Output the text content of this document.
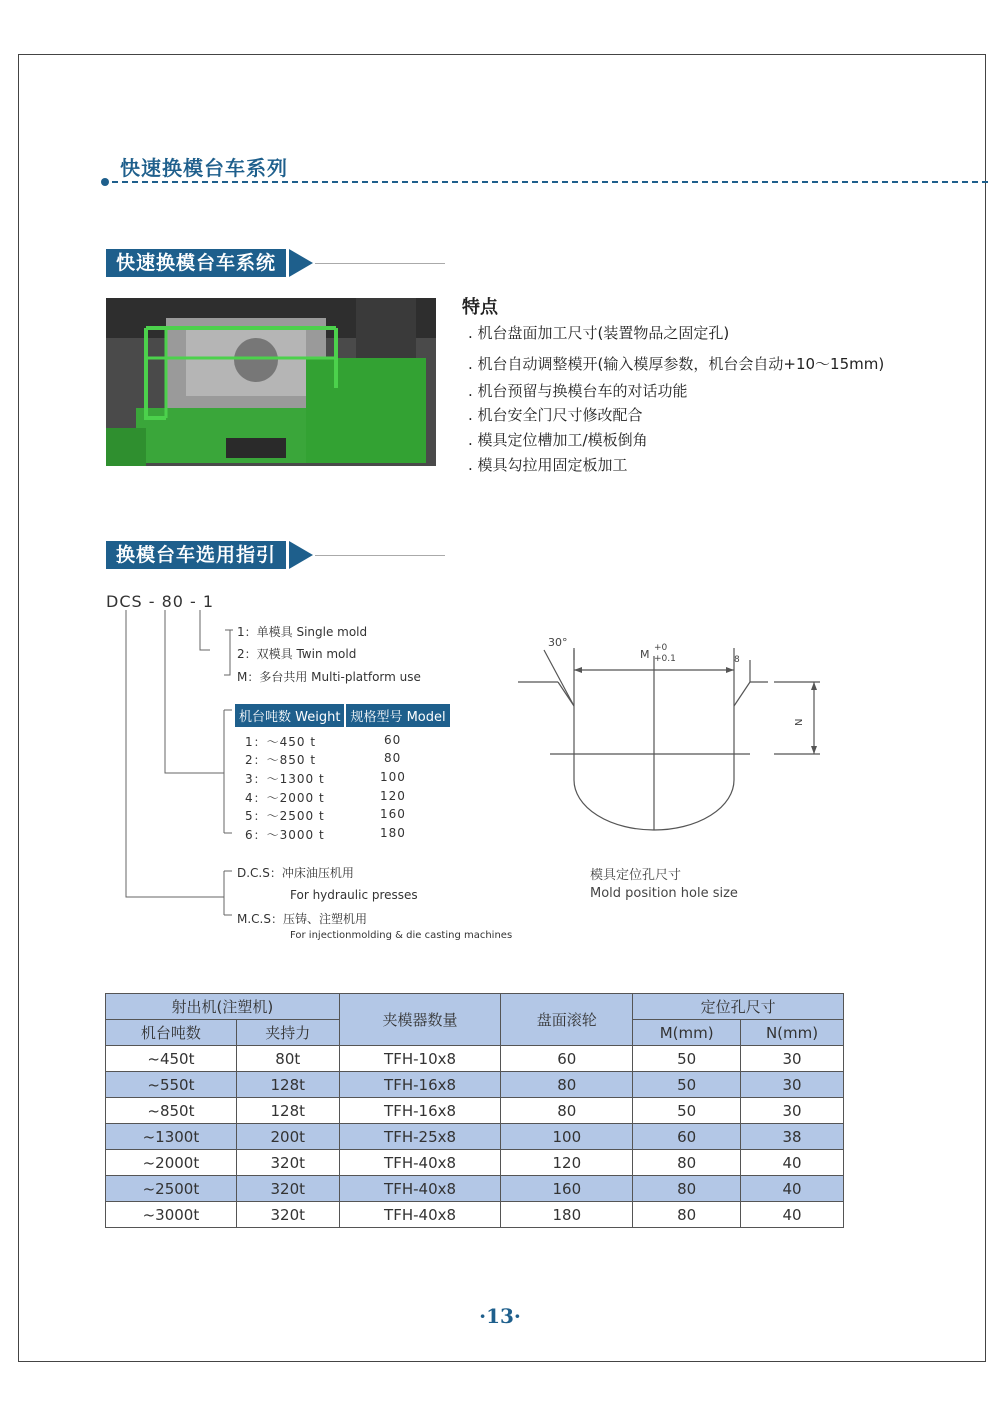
快速换模台车系列
快速换模台车系统
特点
. 机台盘面加工尺寸(装置物品之固定孔)
. 机台自动调整模开(输入模厚参数，机台会自动+10～15mm)
. 机台预留与换模台车的对话功能
. 机台安全门尺寸修改配合
. 模具定位槽加工/模板倒角
. 模具勾拉用固定板加工
换模台车选用指引
DCS - 80 - 1
1：单模具 Single mold
2：双模具 Twin mold
M：多台共用 Multi-platform use
机台吨数 Weight 规格型号 Model
1：～450 t	60
2：～850 t	80
3：～1300 t	100
4：～2000 t	120
5：～2500 t	160
6：～3000 t	180
D.C.S：冲床油压机用
For hydraulic presses
M.C.S：压铸、注塑机用
For injectionmolding & die casting machines
30°
M +0
+0.1	8
N
模具定位孔尺寸
Mold position hole size
射出机(注塑机)		夹模器数量	盘面滚轮	定位孔尺寸	
机台吨数	夹持力			M(mm)	N(mm)
~450t	80t	TFH-10x8	60	50	30
~550t	128t	TFH-16x8	80	50	30
~850t	128t	TFH-16x8	80	50	30
~1300t	200t	TFH-25x8	100	60	38
~2000t	320t	TFH-40x8	120	80	40
~2500t	320t	TFH-40x8	160	80	40
~3000t	320t	TFH-40x8	180	80	40
·13·
